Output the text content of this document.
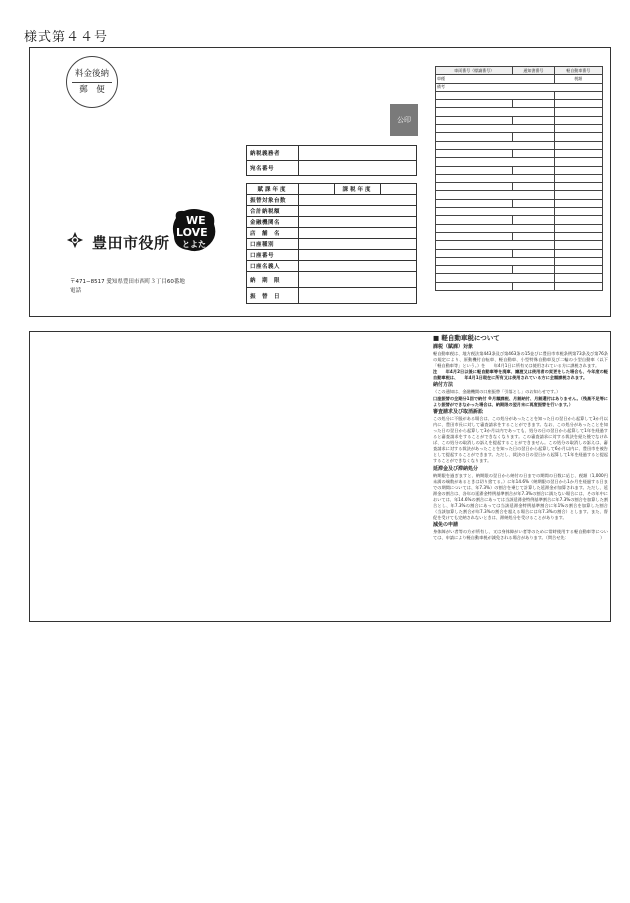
様式第４４号
料金後納
郵　便
公印
納税義務者	
宛名番号	
賦課年度		課税年度	
振替対象台数			
合計納税額			
金融機関名			
店　舗　名			
口座種別			
口座番号			
口座名義人			
納　期　限			
振　替　日			
豊田市役所
WE
LOVE
とよた
〒471−8517 愛知県豊田市西町３丁目60番地
電話
車両番号（標識番号）	通知書番号	軽自動車番号
車種		税額
備考		

■ 軽自動車税について
課税（賦課）対象

軽自動車税は、地方税法第443条及び第463条の15並びに豊田市市税条例第73条及び第76条の規定により、原動機付自転車、軽自動車、小型特殊自動車及び二輪の小型自動車（以下「軽自動車等」という。）を　　年4月1日に所有又は使用されている方に課税されます。

注　　年4月2日以後に軽自動車等を廃車、譲渡又は使用者の変更をした場合も、今年度の軽自動車税は、　　年4月1日現在に所有又は使用されている方に全額課税されます。

納付方法

（この通知は、金融機関の口座振替「引落とし」のお知らせです。）

口座振替の全期分1回で納付 ※月額課税、月割納付、月割還付はありません。（残高不足等により振替ができなかった場合は、納期限の翌月末に再度振替を行います。）

審査請求及び取消訴訟

この処分に不服がある場合は、この処分があったことを知った日の翌日から起算して3か月以内に、豊田市長に対して審査請求をすることができます。なお、この処分があったことを知った日の翌日から起算して3か月以内であっても、処分の日の翌日から起算して1年を経過すると審査請求をすることができなくなります。この審査請求に対する裁決を経た後でなければ、この処分の取消しの訴えを提起することができません。この処分の取消しの訴えは、審査請求に対する裁決があったことを知った日の翌日から起算して6か月以内に、豊田市を被告として提起することができます。ただし、裁決の日の翌日から起算して1年を経過すると提起することができなくなります。

延滞金及び滞納処分

納期限を過ぎますと、納期限の翌日から納付の日までの期間の日数に応じ、税額（1,000円未満の端数があるときは切り捨てる。）に年14.6%（納期限の翌日から1か月を経過する日までの期間については、年7.3%）の割合を乗じて計算した延滞金が加算されます。ただし、延滞金の割合は、各年の延滞金特例基準割合が年7.3%の割合に満たない場合には、その年中においては、年14.6%の割合にあっては当該延滞金特例基準割合に年7.3%の割合を加算した割合とし、年7.3%の割合にあっては当該延滞金特例基準割合に年1%の割合を加算した割合（当該加算した割合が年7.3%の割合を超える場合には年7.3%の割合）とします。また、督促を受けても完納されないときは、滞納処分を受けることがあります。

減免の申請

身体障がい者等の方が所有し、又は身体障がい者等のために常時使用する軽自動車等については、申請により軽自動車税が減免される場合があります。（問合せ先：　　　　　　　　）
